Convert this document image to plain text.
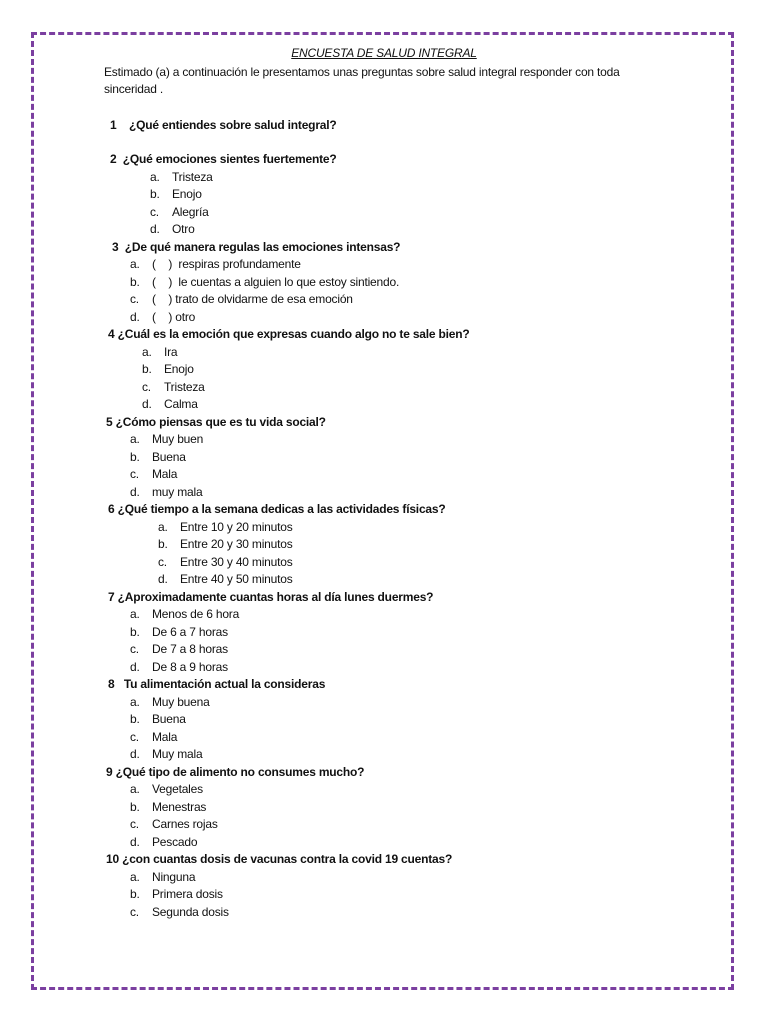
ENCUESTA DE SALUD INTEGRAL
Estimado (a) a continuación le presentamos unas preguntas sobre salud integral responder con toda sinceridad .
1    ¿Qué entiendes sobre salud integral?
2  ¿Qué emociones sientes fuertemente?
a.	Tristeza
b.	Enojo
c.	Alegría
d.	Otro
3  ¿De qué manera regulas las emociones intensas?
a.	(    )  respiras profundamente
b.	(    )  le cuentas a alguien lo que estoy sintiendo.
c.	(    ) trato de olvidarme de esa emoción
d.	(    ) otro
4 ¿Cuál es la emoción que expresas cuando algo no te sale bien?
a.	Ira
b.	Enojo
c.	Tristeza
d.	Calma
5 ¿Cómo piensas que es tu vida social?
a.	Muy buen
b.	Buena
c.	Mala
d.	muy mala
6 ¿Qué tiempo a la semana dedicas a las actividades físicas?
a.	Entre 10 y 20 minutos
b.	Entre 20 y 30 minutos
c.	Entre 30 y 40 minutos
d.	Entre 40 y 50 minutos
7 ¿Aproximadamente cuantas horas al día lunes duermes?
a.	Menos de 6 hora
b.	De 6 a 7 horas
c.	De 7 a 8 horas
d.	De 8 a 9 horas
8   Tu alimentación actual la consideras
a.	Muy buena
b.	Buena
c.	Mala
d.	Muy mala
9 ¿Qué tipo de alimento no consumes mucho?
a.	Vegetales
b.	Menestras
c.	Carnes rojas
d.	Pescado
10 ¿con cuantas dosis de vacunas contra la covid 19 cuentas?
a.	Ninguna
b.	Primera dosis
c.	Segunda dosis
